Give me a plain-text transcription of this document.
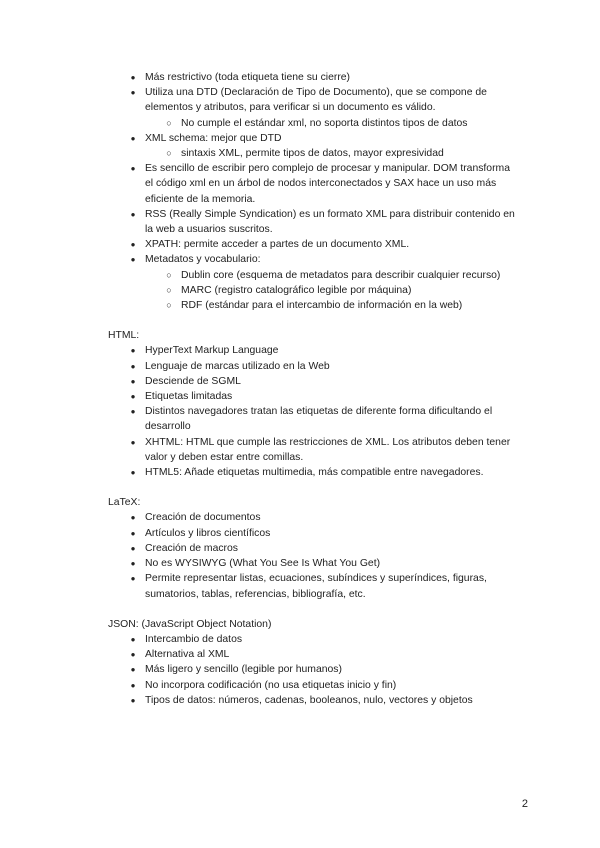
● Más restrictivo (toda etiqueta tiene su cierre)
● Utiliza una DTD (Declaración de Tipo de Documento), que se compone de elementos y atributos, para verificar si un documento es válido.
○ No cumple el estándar xml, no soporta distintos tipos de datos
● XML schema: mejor que DTD
○ sintaxis XML, permite tipos de datos, mayor expresividad
● Es sencillo de escribir pero complejo de procesar y manipular. DOM transforma el código xml en un árbol de nodos interconectados y SAX hace un uso más eficiente de la memoria.
● RSS (Really Simple Syndication) es un formato XML para distribuir contenido en la web a usuarios suscritos.
● XPATH: permite acceder a partes de un documento XML.
● Metadatos y vocabulario:
○ Dublin core (esquema de metadatos para describir cualquier recurso)
○ MARC (registro catalográfico legible por máquina)
○ RDF (estándar para el intercambio de información en la web)
HTML:
● HyperText Markup Language
● Lenguaje de marcas utilizado en la Web
● Desciende de SGML
● Etiquetas limitadas
● Distintos navegadores tratan las etiquetas de diferente forma dificultando el desarrollo
● XHTML: HTML que cumple las restricciones de XML. Los atributos deben tener valor y deben estar entre comillas.
● HTML5: Añade etiquetas multimedia, más compatible entre navegadores.
LaTeX:
● Creación de documentos
● Artículos y libros científicos
● Creación de macros
● No es WYSIWYG (What You See Is What You Get)
● Permite representar listas, ecuaciones, subíndices y superíndices, figuras, sumatorios, tablas, referencias, bibliografía, etc.
JSON: (JavaScript Object Notation)
● Intercambio de datos
● Alternativa al XML
● Más ligero y sencillo (legible por humanos)
● No incorpora codificación (no usa etiquetas inicio y fin)
● Tipos de datos: números, cadenas, booleanos, nulo, vectores y objetos
2
